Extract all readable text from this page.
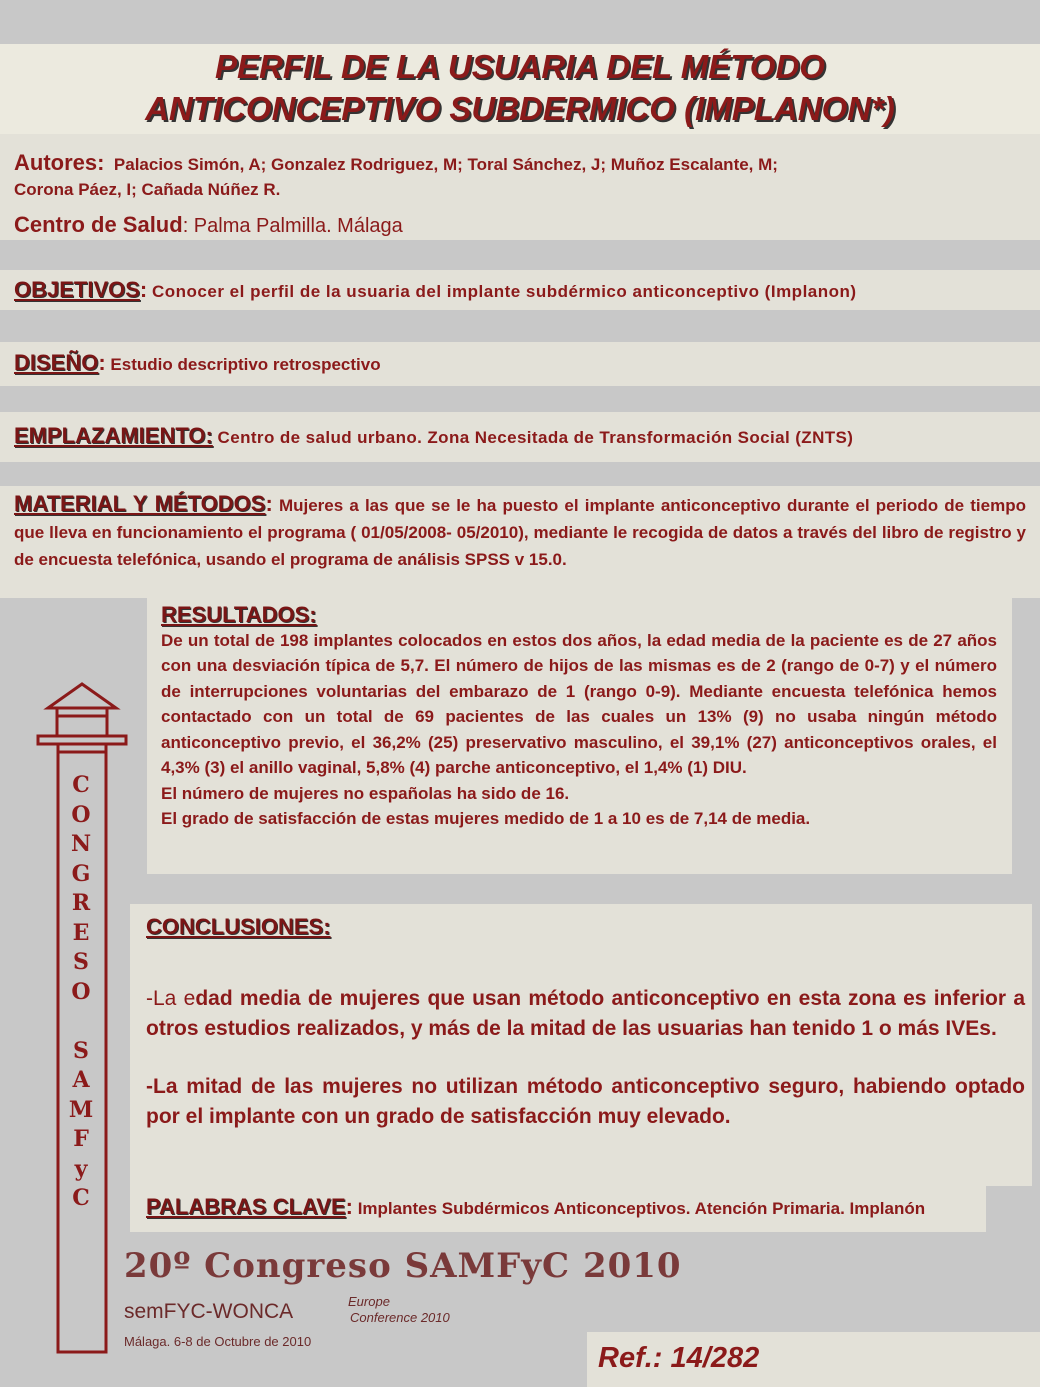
PERFIL DE LA USUARIA DEL MÉTODO
ANTICONCEPTIVO SUBDERMICO (IMPLANON*)
Autores: Palacios Simón, A; Gonzalez Rodriguez, M; Toral Sánchez, J; Muñoz Escalante, M;
Corona Páez, I; Cañada Núñez R.
Centro de Salud: Palma Palmilla. Málaga
OBJETIVOS: Conocer el perfil de la usuaria del implante subdérmico anticonceptivo (Implanon)
DISEÑO: Estudio descriptivo retrospectivo
EMPLAZAMIENTO: Centro de salud urbano. Zona Necesitada de Transformación Social (ZNTS)
MATERIAL Y MÉTODOS: Mujeres a las que se le ha puesto el implante anticonceptivo durante el periodo de tiempo que lleva en funcionamiento el programa ( 01/05/2008- 05/2010), mediante le recogida de datos a través del libro de registro y de encuesta telefónica, usando el programa de análisis SPSS v 15.0.
RESULTADOS:
De un total de 198 implantes colocados en estos dos años, la edad media de la paciente es de 27 años con una desviación típica de 5,7. El número de hijos de las mismas es de 2 (rango de 0-7) y el número de interrupciones voluntarias del embarazo de 1 (rango 0-9). Mediante encuesta telefónica hemos contactado con un total de 69 pacientes de las cuales un 13% (9) no usaba ningún método anticonceptivo previo, el 36,2% (25) preservativo masculino, el 39,1% (27) anticonceptivos orales, el 4,3% (3) el anillo vaginal, 5,8% (4) parche anticonceptivo, el 1,4% (1) DIU.
El número de mujeres no españolas ha sido de 16.
El grado de satisfacción de estas mujeres medido de 1 a 10 es de 7,14 de media.
C
O
N
G
R
E
S
O
S
A
M
F
y
C
CONCLUSIONES:
-La edad media de mujeres que usan método anticonceptivo en esta zona es inferior a otros estudios realizados, y más de la mitad de las usuarias han tenido 1 o más IVEs.
-La mitad de las mujeres no utilizan método anticonceptivo seguro, habiendo optado por el implante con un grado de satisfacción muy elevado.
PALABRAS CLAVE: Implantes Subdérmicos Anticonceptivos. Atención Primaria. Implanón
20º Congreso SAMFyC 2010
semFYC-WONCA	Europe
Conference 2010
Málaga. 6-8 de Octubre de 2010
Ref.: 14/282
